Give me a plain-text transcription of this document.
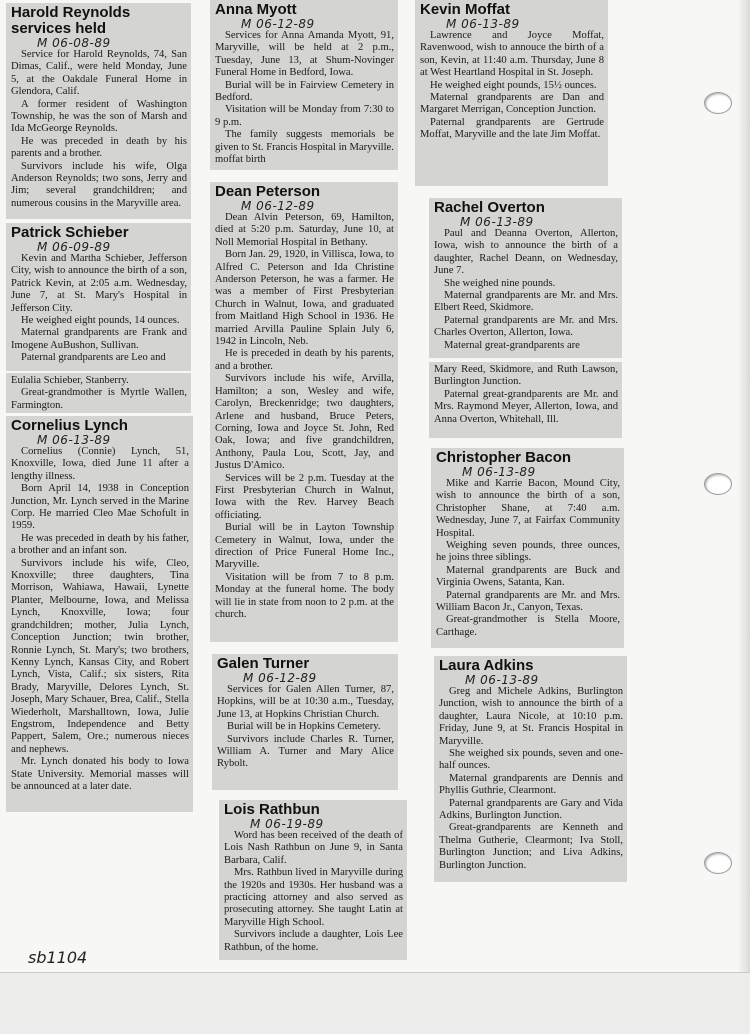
Harold Reynolds services held
M 06-08-89

Service for Harold Reynolds, 74, San Dimas, Calif., were held Monday, June 5, at the Oakdale Funeral Home in Glendora, Calif.

A former resident of Washington Township, he was the son of Marsh and Ida McGeorge Reynolds.

He was preceded in death by his parents and a brother.

Survivors include his wife, Olga Anderson Reynolds; two sons, Jerry and Jim; several grandchildren; and numerous cousins in the Maryville area.

Patrick Schieber
M 06-09-89

Kevin and Martha Schieber, Jefferson City, wish to announce the birth of a son, Patrick Kevin, at 2:05 a.m. Wednesday, June 7, at St. Mary's Hospital in Jefferson City.

He weighed eight pounds, 14 ounces.

Maternal grandparents are Frank and Imogene AuBushon, Sullivan.

Paternal grandparents are Leo and

Eulalia Schieber, Stanberry.

Great-grandmother is Myrtle Wallen, Farmington.

Cornelius Lynch
M 06-13-89

Cornelius (Connie) Lynch, 51, Knoxville, Iowa, died June 11 after a lengthy illness.

Born April 14, 1938 in Conception Junction, Mr. Lynch served in the Marine Corp. He married Cleo Mae Schofult in 1959.

He was preceded in death by his father, a brother and an infant son.

Survivors include his wife, Cleo, Knoxville; three daughters, Tina Morrison, Wahiawa, Hawaii, Lynette Planter, Melbourne, Iowa, and Melissa Lynch, Knoxville, Iowa; four grandchildren; mother, Julia Lynch, Conception Junction; twin brother, Ronnie Lynch, St. Mary's; two brothers, Kenny Lynch, Kansas City, and Robert Lynch, Vista, Calif.; six sisters, Rita Brady, Maryville, Delores Lynch, St. Joseph, Mary Schauer, Brea, Calif., Stella Wiederholt, Marshalltown, Iowa, Julie Engstrom, Independence and Betty Pappert, Salem, Ore.; numerous nieces and nephews.

Mr. Lynch donated his body to Iowa State University. Memorial masses will be announced at a later date.

Anna Myott
M 06-12-89

Services for Anna Amanda Myott, 91, Maryville, will be held at 2 p.m., Tuesday, June 13, at Shum-Novinger Funeral Home in Bedford, Iowa.

Burial will be in Fairview Cemetery in Bedford.

Visitation will be Monday from 7:30 to 9 p.m.

The family suggests memorials be given to St. Francis Hospital in Maryville.

moffat birth

Dean Peterson
M 06-12-89

Dean Alvin Peterson, 69, Hamilton, died at 5:20 p.m. Saturday, June 10, at Noll Memorial Hospital in Bethany.

Born Jan. 29, 1920, in Villisca, Iowa, to Alfred C. Peterson and Ida Christine Anderson Peterson, he was a farmer. He was a member of First Presbyterian Church in Walnut, Iowa, and graduated from Maitland High School in 1936. He married Arvilla Pauline Splain July 6, 1942 in Lincoln, Neb.

He is preceded in death by his parents, and a brother.

Survivors include his wife, Arvilla, Hamilton; a son, Wesley and wife, Carolyn, Breckenridge; two daughters, Arlene and husband, Bruce Peters, Corning, Iowa and Joyce St. John, Red Oak, Iowa; and five grandchildren, Anthony, Paula Lou, Scott, Jay, and Justus D'Amico.

Services will be 2 p.m. Tuesday at the First Presbyterian Church in Walnut, Iowa with the Rev. Harvey Beach officiating.

Burial will be in Layton Township Cemetery in Walnut, Iowa, under the direction of Price Funeral Home Inc., Maryville.

Visitation will be from 7 to 8 p.m. Monday at the funeral home. The body will lie in state from noon to 2 p.m. at the church.

Galen Turner
M 06-12-89

Services for Galen Allen Turner, 87, Hopkins, will be at 10:30 a.m., Tuesday, June 13, at Hopkins Christian Church.

Burial will be in Hopkins Cemetery.

Survivors include Charles R. Turner, William A. Turner and Mary Alice Rybolt.

Lois Rathbun
M 06-19-89

Word has been received of the death of Lois Nash Rathbun on June 9, in Santa Barbara, Calif.

Mrs. Rathbun lived in Maryville during the 1920s and 1930s. Her husband was a practicing attorney and also served as prosecuting attorney. She taught Latin at Maryville High School.

Survivors include a daughter, Lois Lee Rathbun, of the home.

Kevin Moffat
M 06-13-89

Lawrence and Joyce Moffat, Ravenwood, wish to annouce the birth of a son, Kevin, at 11:40 a.m. Thursday, June 8 at West Heartland Hospital in St. Joseph.

He weighed eight pounds, 15½ ounces.

Maternal grandparents are Dan and Margaret Merrigan, Conception Junction.

Paternal grandparents are Gertrude Moffat, Maryville and the late Jim Moffat.

Rachel Overton
M 06-13-89

Paul and Deanna Overton, Allerton, Iowa, wish to announce the birth of a daughter, Rachel Deann, on Wednesday, June 7.

She weighed nine pounds.

Maternal grandparents are Mr. and Mrs. Elbert Reed, Skidmore.

Paternal grandparents are Mr. and Mrs. Charles Overton, Allerton, Iowa.

Maternal great-grandparents are

Mary Reed, Skidmore, and Ruth Lawson, Burlington Junction.

Paternal great-grandparents are Mr. and Mrs. Raymond Meyer, Allerton, Iowa, and Anna Overton, Whitehall, Ill.

Christopher Bacon
M 06-13-89

Mike and Karrie Bacon, Mound City, wish to announce the birth of a son, Christopher Shane, at 7:40 a.m. Wednesday, June 7, at Fairfax Community Hospital.

Weighing seven pounds, three ounces, he joins three siblings.

Maternal grandparents are Buck and Virginia Owens, Satanta, Kan.

Paternal grandparents are Mr. and Mrs. William Bacon Jr., Canyon, Texas.

Great-grandmother is Stella Moore, Carthage.

Laura Adkins
M 06-13-89

Greg and Michele Adkins, Burlington Junction, wish to announce the birth of a daughter, Laura Nicole, at 10:10 p.m. Friday, June 9, at St. Francis Hospital in Maryville.

She weighed six pounds, seven and one-half ounces.

Maternal grandparents are Dennis and Phyllis Guthrie, Clearmont.

Paternal grandparents are Gary and Vida Adkins, Burlington Junction.

Great-grandparents are Kenneth and Thelma Gutherie, Clearmont; Iva Stoll, Burlington Junction; and Liva Adkins, Burlington Junction.

sb1104
